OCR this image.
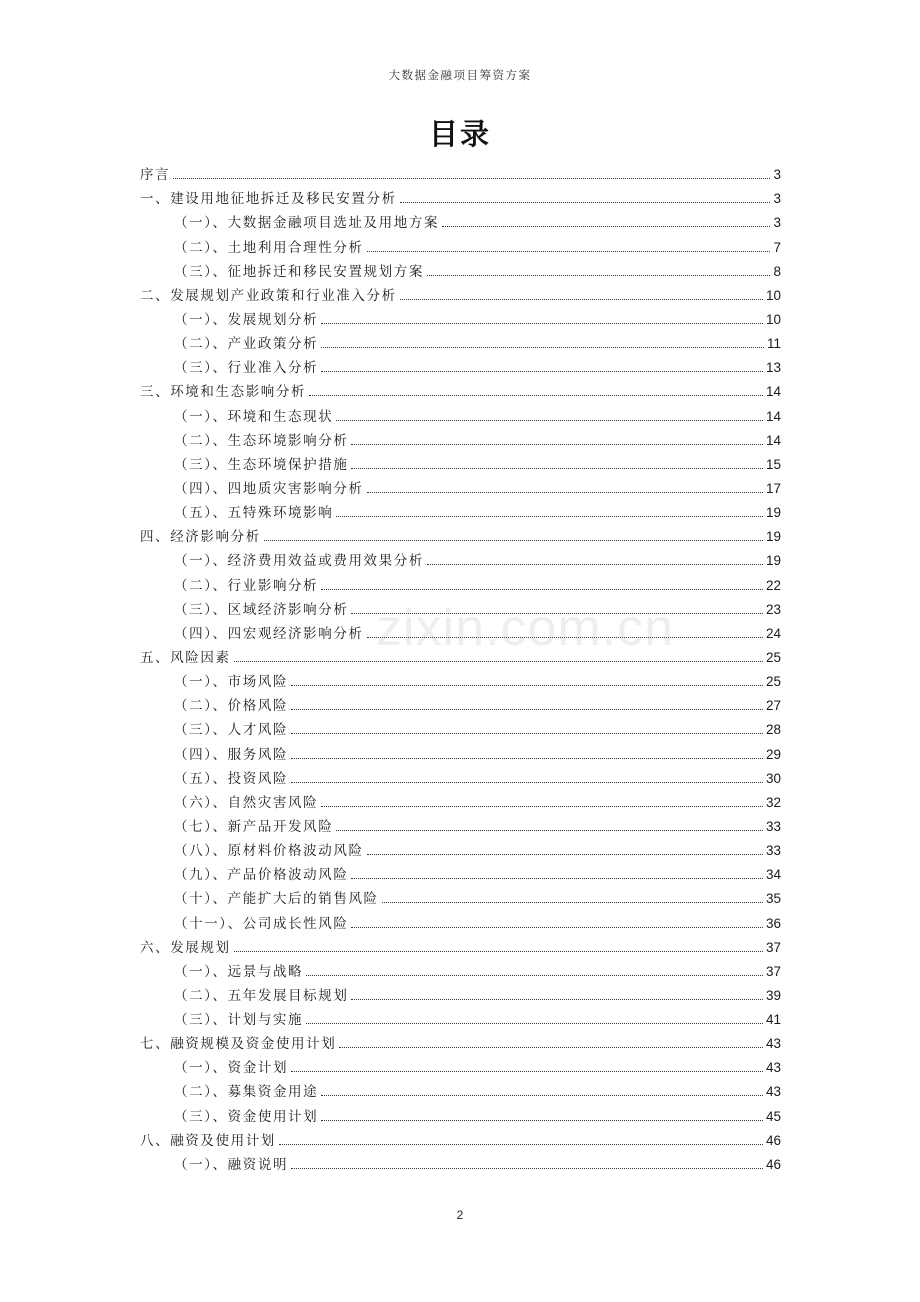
大数据金融项目筹资方案
目录
序言	3
一、建设用地征地拆迁及移民安置分析	3
（一）、大数据金融项目选址及用地方案	3
（二）、土地利用合理性分析	7
（三）、征地拆迁和移民安置规划方案	8
二、发展规划产业政策和行业准入分析	10
（一）、发展规划分析	10
（二）、产业政策分析	11
（三）、行业准入分析	13
三、环境和生态影响分析	14
（一）、环境和生态现状	14
（二）、生态环境影响分析	14
（三）、生态环境保护措施	15
（四）、四地质灾害影响分析	17
（五）、五特殊环境影响	19
四、经济影响分析	19
（一）、经济费用效益或费用效果分析	19
（二）、行业影响分析	22
（三）、区域经济影响分析	23
（四）、四宏观经济影响分析	24
五、风险因素	25
（一）、市场风险	25
（二）、价格风险	27
（三）、人才风险	28
（四）、服务风险	29
（五）、投资风险	30
（六）、自然灾害风险	32
（七）、新产品开发风险	33
（八）、原材料价格波动风险	33
（九）、产品价格波动风险	34
（十）、产能扩大后的销售风险	35
（十一）、公司成长性风险	36
六、发展规划	37
（一）、远景与战略	37
（二）、五年发展目标规划	39
（三）、计划与实施	41
七、融资规模及资金使用计划	43
（一）、资金计划	43
（二）、募集资金用途	43
（三）、资金使用计划	45
八、融资及使用计划	46
（一）、融资说明	46
zixin.com.cn
2
